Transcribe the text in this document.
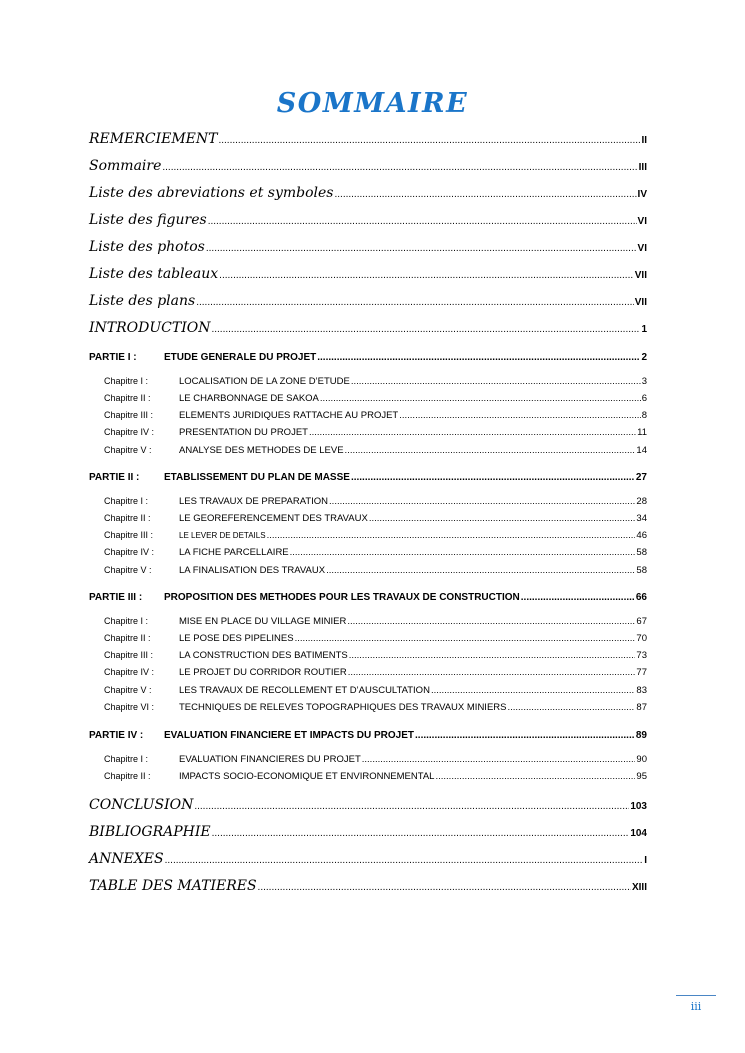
SOMMAIRE
REMERCIEMENT .....	II
Sommaire .....	III
Liste des abreviations et symboles .....	IV
Liste des figures .....	VI
Liste des photos .....	VI
Liste des tableaux .....	VII
Liste des plans .....	VII
INTRODUCTION .....	1
PARTIE I :	ETUDE GENERALE DU PROJET .....	2
Chapitre I :	LOCALISATION DE LA ZONE D’ETUDE .....	3
Chapitre II :	LE CHARBONNAGE DE SAKOA .....	6
Chapitre III :	ELEMENTS JURIDIQUES RATTACHE AU PROJET .....	8
Chapitre IV :	PRESENTATION DU PROJET .....	11
Chapitre V :	ANALYSE DES METHODES DE LEVE .....	14
PARTIE II : ETABLISSEMENT DU PLAN DE MASSE .....	27
Chapitre I :	LES TRAVAUX DE PREPARATION .....	28
Chapitre II :	LE GEOREFERENCEMENT DES TRAVAUX .....	34
Chapitre III :	LE LEVER DE DETAILS .....	46
Chapitre IV :	LA FICHE PARCELLAIRE .....	58
Chapitre V :	LA FINALISATION DES TRAVAUX .....	58
PARTIE III : PROPOSITION DES METHODES POUR LES TRAVAUX DE CONSTRUCTION .....	66
Chapitre I :	MISE EN PLACE DU VILLAGE MINIER .....	67
Chapitre II :	LE POSE DES PIPELINES .....	70
Chapitre III :	LA CONSTRUCTION DES BATIMENTS .....	73
Chapitre IV :	LE PROJET DU CORRIDOR ROUTIER .....	77
Chapitre V :	LES TRAVAUX DE RECOLLEMENT ET D’AUSCULTATION .....	83
Chapitre VI :	TECHNIQUES DE RELEVES TOPOGRAPHIQUES DES TRAVAUX MINIERS .....	87
PARTIE IV : EVALUATION FINANCIERE ET IMPACTS DU PROJET .....	89
Chapitre I :	EVALUATION FINANCIERES DU PROJET .....	90
Chapitre II :	IMPACTS SOCIO-ECONOMIQUE ET ENVIRONNEMENTAL .....	95
CONCLUSION .....	103
BIBLIOGRAPHIE .....	104
ANNEXES .....	I
TABLE DES MATIERES .....	XIII
iii
